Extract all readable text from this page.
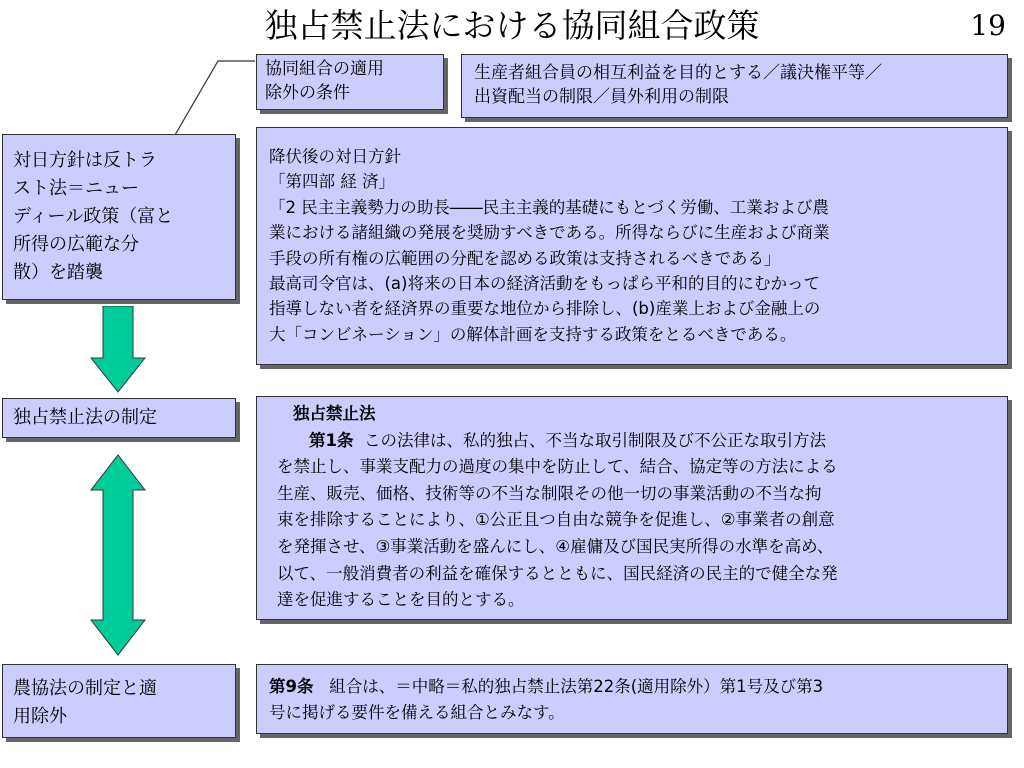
独占禁止法における協同組合政策	19
協同組合の適用
除外の条件
生産者組合員の相互利益を目的とする／議決権平等／
出資配当の制限／員外利用の制限
対日方針は反トラ
スト法＝ニュー
ディール政策（富と
所得の広範な分
散）を踏襲
降伏後の対日方針
「第四部 経 済」
「2 民主主義勢力の助長――民主主義的基礎にもとづく労働、工業および農
業における諸組織の発展を奨励すべきである。所得ならびに生産および商業
手段の所有権の広範囲の分配を認める政策は支持されるべきである」
最高司令官は、(a)将来の日本の経済活動をもっぱら平和的目的にむかって
指導しない者を経済界の重要な地位から排除し、(b)産業上および金融上の
大「コンビネーション」の解体計画を支持する政策をとるべきである。
独占禁止法の制定	独占禁止法
第1条 この法律は、私的独占、不当な取引制限及び不公正な取引方法
を禁止し、事業支配力の過度の集中を防止して、結合、協定等の方法による
生産、販売、価格、技術等の不当な制限その他一切の事業活動の不当な拘
束を排除することにより、①公正且つ自由な競争を促進し、②事業者の創意
を発揮させ、③事業活動を盛んにし、④雇傭及び国民実所得の水準を高め、
以て、一般消費者の利益を確保するとともに、国民経済の民主的で健全な発
達を促進することを目的とする。
農協法の制定と適
用除外
第9条 組合は、＝中略＝私的独占禁止法第22条(適用除外）第1号及び第3
号に掲げる要件を備える組合とみなす。
